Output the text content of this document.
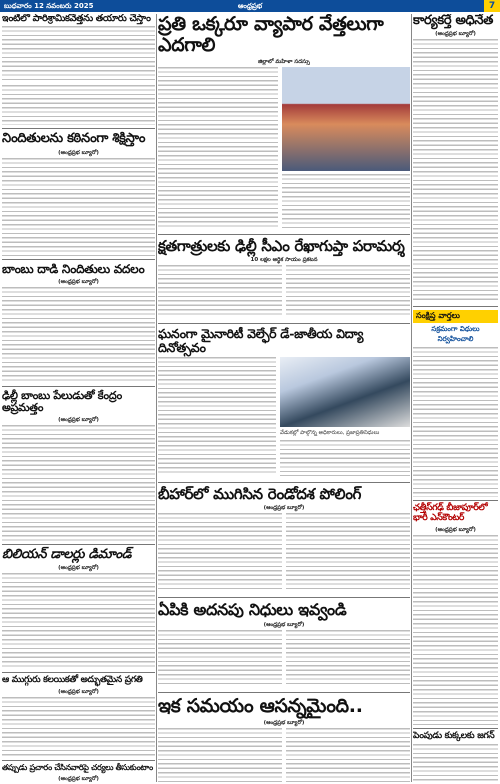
బుధవారం 12 నవంబరు 2025	ఆంధ్రప్రభ	7
ఇంటిలో పారిశ్రామికవేత్తను తయారు చేస్తాం
నిందితులను కఠినంగా శిక్షిస్తాం
(ఆంధ్రప్రభ బ్యూరో)
బాంబు దాడి నిందితులు వదలం
(ఆంధ్రప్రభ బ్యూరో)
ఢిల్లీ బాంబు పేలుడుతో కేంద్రం అప్రమత్తం
(ఆంధ్రప్రభ బ్యూరో)
బిలియన్ డాలర్లు డిమాండ్
(ఆంధ్రప్రభ బ్యూరో)
ఆ ముగ్గురు కలయికతో అద్భుతమైన ప్రగతి
(ఆంధ్రప్రభ బ్యూరో)
తప్పుడు ప్రచారం చేసినవారిపై చర్యలు తీసుకుంటాం
(ఆంధ్రప్రభ బ్యూరో)
ప్రతి ఒక్కరూ వ్యాపార వేత్తలుగా ఎదగాలి
జిల్లాలో మహిళా సదస్సు
క్షతగాత్రులకు ఢిల్లీ సీఎం రేఖాగుప్తా పరామర్శ
10 లక్షల ఆర్థిక సాయం ప్రకటన
ఘనంగా మైనారిటీ వెల్ఫేర్ డే-జాతీయ విద్యా దినోత్సవం
వేడుకల్లో పాల్గొన్న అధికారులు, ప్రజాప్రతినిధులు
బీహార్‌లో ముగిసిన రెండోదశ పోలింగ్
(ఆంధ్రప్రభ బ్యూరో)
ఏపికి అదనపు నిధులు ఇవ్వండి
(ఆంధ్రప్రభ బ్యూరో)
ఇక సమయం ఆసన్నమైంది..
(ఆంధ్రప్రభ బ్యూరో)
కార్యకర్తే అధినేత
(ఆంధ్రప్రభ బ్యూరో)
సంక్షిప్త వార్తలు
సక్రమంగా విధులు నిర్వహించాలి
ఛత్తీస్‌గఢ్ బీజాపూర్‌లో భారీ ఎన్‌కౌంటర్
(ఆంధ్రప్రభ బ్యూరో)
పెంపుడు కుక్కలకు జగన్
